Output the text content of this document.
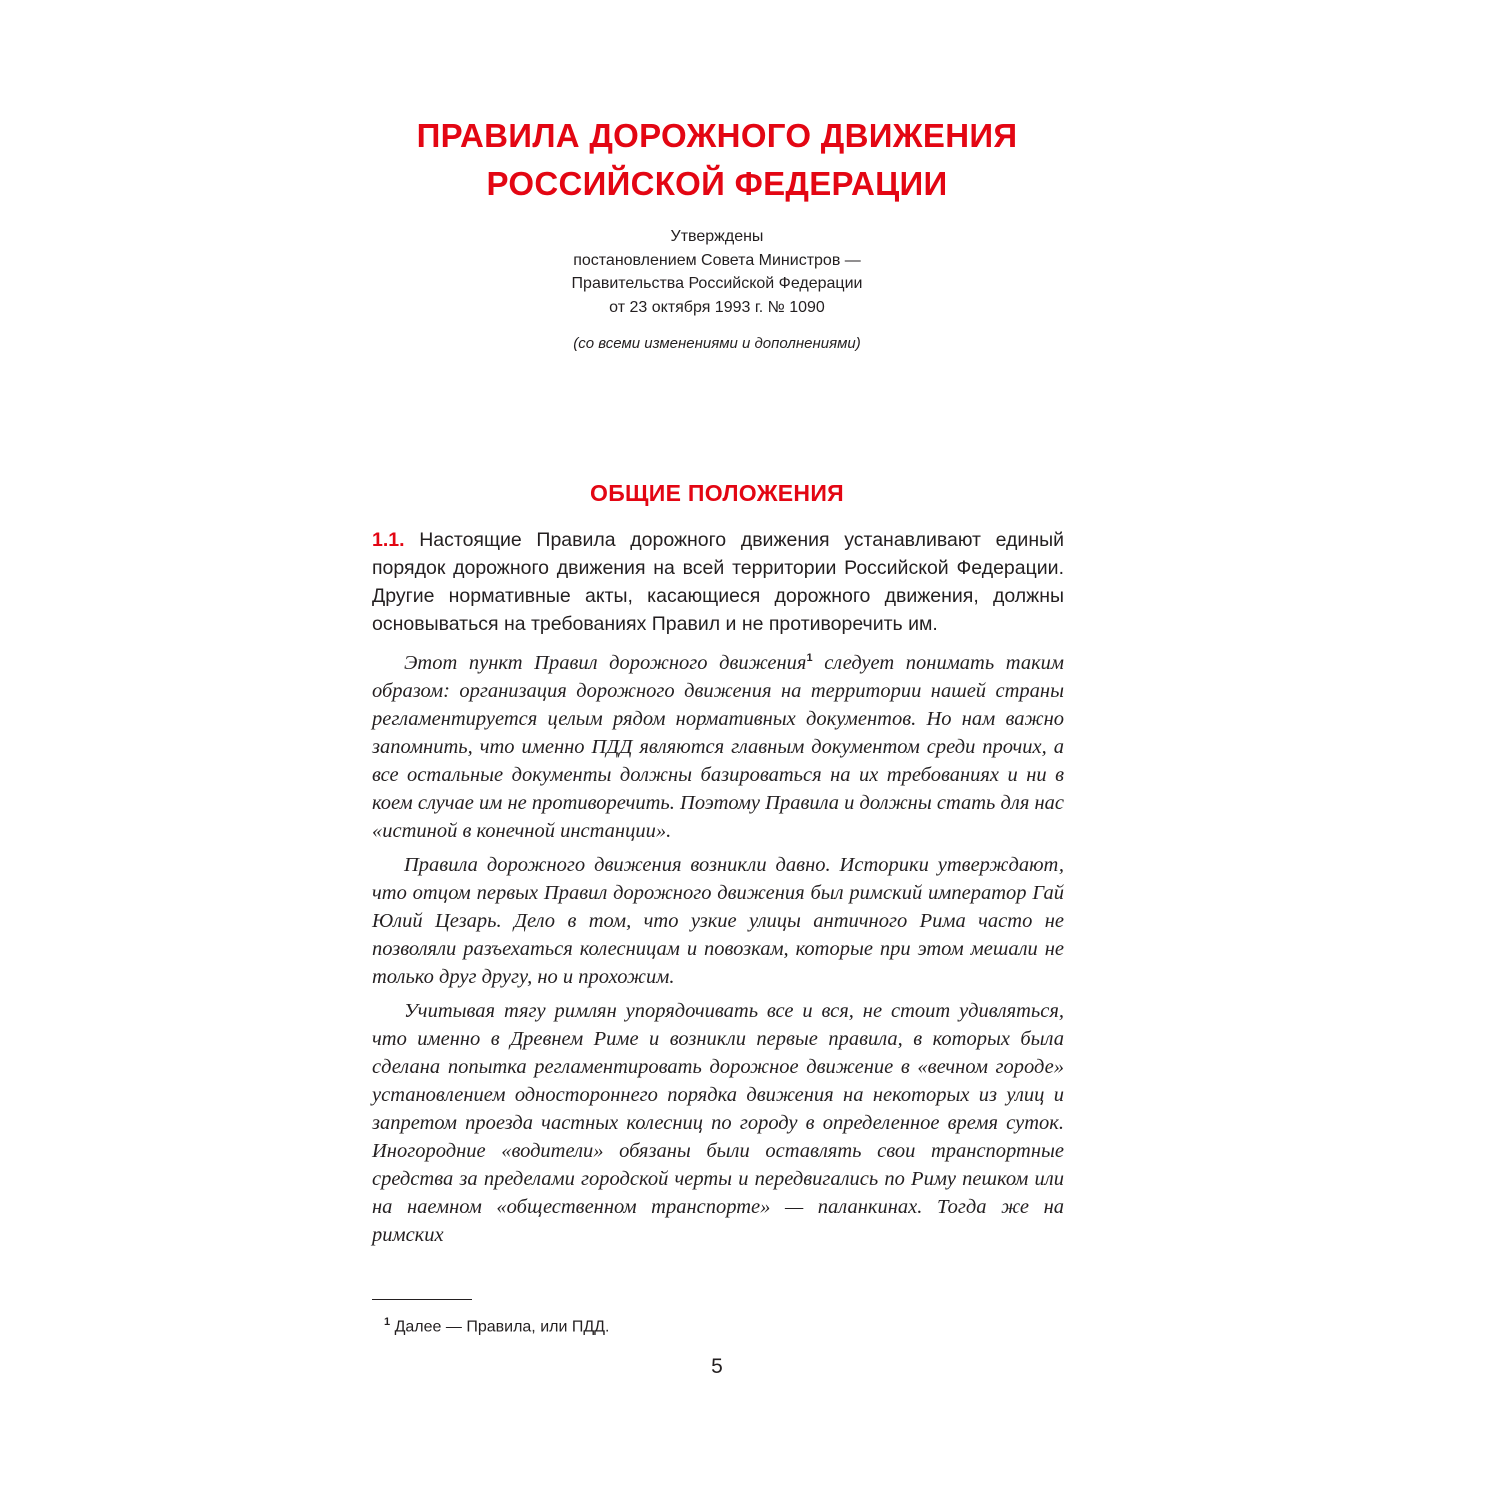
ПРАВИЛА ДОРОЖНОГО ДВИЖЕНИЯ
РОССИЙСКОЙ ФЕДЕРАЦИИ
Утверждены
постановлением Совета Министров —
Правительства Российской Федерации
от 23 октября 1993 г. № 1090
(со всеми изменениями и дополнениями)
ОБЩИЕ ПОЛОЖЕНИЯ

1.1. Настоящие Правила дорожного движения устанавливают единый порядок дорожного движения на всей территории Российской Федерации. Другие нормативные акты, касающиеся дорожного движения, должны основываться на требованиях Правил и не противоречить им.

Этот пункт Правил дорожного движения$^1$ следует понимать таким образом: организация дорожного движения на территории нашей страны регламентируется целым рядом нормативных документов. Но нам важно запомнить, что именно ПДД являются главным документом среди прочих, а все остальные документы должны базироваться на их требованиях и ни в коем случае им не противоречить. Поэтому Правила и должны стать для нас «истиной в конечной инстанции».

Правила дорожного движения возникли давно. Историки утверждают, что отцом первых Правил дорожного движения был римский император Гай Юлий Цезарь. Дело в том, что узкие улицы античного Рима часто не позволяли разъехаться колесницам и повозкам, которые при этом мешали не только друг другу, но и прохожим.

Учитывая тягу римлян упорядочивать все и вся, не стоит удивляться, что именно в Древнем Риме и возникли первые правила, в которых была сделана попытка регламентировать дорожное движение в «вечном городе» установлением одностороннего порядка движения на некоторых из улиц и запретом проезда частных колесниц по городу в определенное время суток. Иногородние «водители» обязаны были оставлять свои транспортные средства за пределами городской черты и передвигались по Риму пешком или на наемном «общественном транспорте» — паланкинах. Тогда же на римских

$^1$ Далее — Правила, или ПДД.
5
